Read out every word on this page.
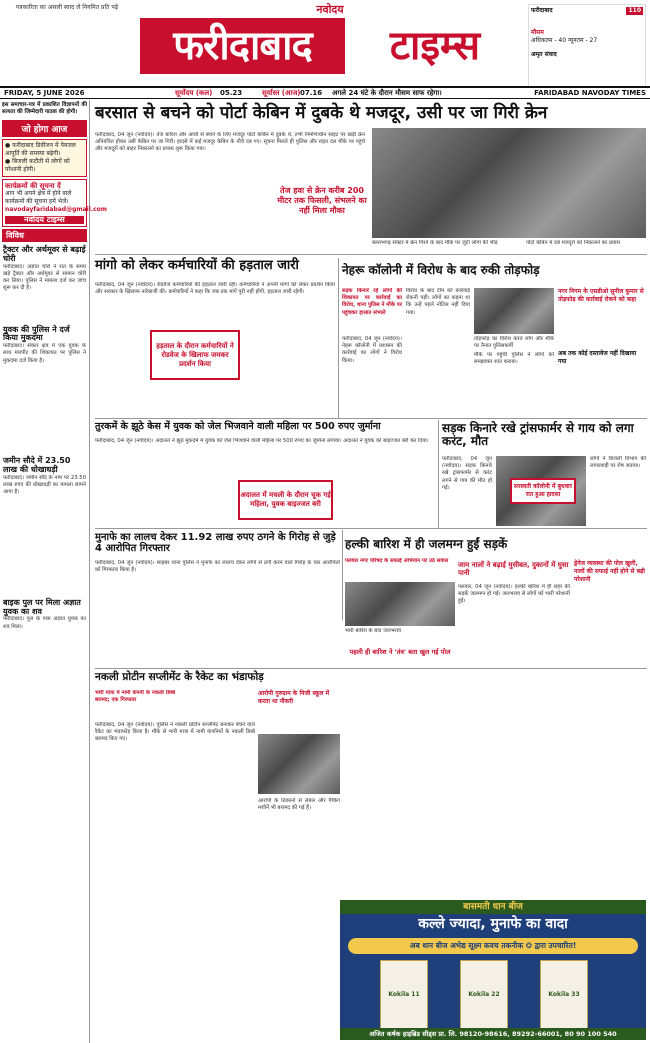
पत्रकारिता का असली स्वाद लें नियमित प्रति पढ़ें	नवोदय
फरीदाबाद	टाइम्स
फरीदाबाद	110
मौसम
अधिकतम - 40 न्यूनतम - 27
अमृत संवाद
FRIDAY, 5 JUNE 2026	सूर्योदय (कल) 05.23	सूर्यास्त (आज) 07.16 अगले 24 घंटे के दौरान मौसम साफ रहेगा।	FARIDABAD NAVODAY TIMES
इस समाचार-पत्र में प्रकाशित विज्ञापनों की सत्यता की जिम्मेदारी पाठक की होगी।
जो होगा आज
● फरीदाबाद डिवीजन में पेयजल आपूर्ति की समस्या बढ़ेगी।
● बिजली कटौती से लोगों को परेशानी होगी।
कार्यक्रमों की सूचना दें
आप भी अपने क्षेत्र में होने वाले कार्यक्रमों की सूचना हमें भेजें।
navodayfaridabad@gmail.com
नवोदय टाइम्स
विविध
ट्रैक्टर और अर्थमूवर से बढ़ाई चोरी
फरीदाबाद। अज्ञात चोरों ने रात के समय खड़े ट्रैक्टर और अर्थमूवर से सामान चोरी कर लिया। पुलिस ने मामला दर्ज कर जांच शुरू कर दी है।
युवक की पुलिस ने दर्ज किया मुकदमा
फरीदाबाद। सेक्टर क्षेत्र में एक युवक के साथ मारपीट की शिकायत पर पुलिस ने मुकदमा दर्ज किया है।
जमीन सौदे में 23.50 लाख की धोखाधड़ी
फरीदाबाद। जमीन सौदे के नाम पर 23.50 लाख रुपए की धोखाधड़ी का मामला सामने आया है।
बाइक पुल पर मिला अज्ञात युवक का शव
फरीदाबाद। पुल के पास अज्ञात युवक का शव मिला।
बरसात से बचने को पोर्टा केबिन में दुबके थे मजदूर, उसी पर जा गिरी क्रेन
फरीदाबाद, 04 जून (नवोदय)। तेज बारिश और आंधी से बचने के लिए मजदूर पोर्टा केबिन में दुबके थे, तभी निर्माणाधीन साइट पर खड़ी क्रेन अनियंत्रित होकर उसी केबिन पर जा गिरी। हादसे में कई मजदूर केबिन के नीचे दब गए। सूचना मिलते ही पुलिस और राहत दल मौके पर पहुंचे और मजदूरों को बाहर निकालने का प्रयास शुरू किया गया।
तेज हवा से क्रेन करीब 200 मीटर तक फिसली, संभलने का नहीं मिला मौका
बल्लभगढ़ सेक्टर में क्रेन गिरने के बाद मौके पर जुटी लोगों की भीड़	पोर्टा केबिन में दबे मजदूरों को निकालने का प्रयास
मांगो को लेकर कर्मचारियों की हड़ताल जारी
फरीदाबाद, 04 जून (नवोदय)। रोडवेज कर्मचारियों की हड़ताल जारी रही। कर्मचारियों ने अपनी मांगों को लेकर प्रदर्शन किया और सरकार के खिलाफ नारेबाजी की। कर्मचारियों ने कहा कि जब तक मांगें पूरी नहीं होंगी, हड़ताल जारी रहेगी।
हड़ताल के दौरान कर्मचारियों ने रोडवेज के खिलाफ जमकर प्रदर्शन किया
नेहरू कॉलोनी में विरोध के बाद रुकी तोड़फोड़
सड़क किनारे रहे लोगों की शिकायत पर कार्रवाई का विरोध, थाना पुलिस ने मौके पर पहुंचकर हालात संभाले
फरीदाबाद, 04 जून (नवोदय)। नेहरू कॉलोनी में प्रशासन की कार्रवाई का लोगों ने विरोध किया।
विरोध के बाद टीम को कार्रवाई रोकनी पड़ी। लोगों का कहना था कि उन्हें पहले नोटिस नहीं दिया गया।
तोड़फोड़ का विरोध करते लोग और मौके पर तैनात पुलिसकर्मी
मौके पर पहुंची पुलिस ने लोगों को समझाकर शांत कराया।
नगर निगम के एसडीओ सुनील कुमार से तोड़फोड़ की कार्रवाई रोकने को कहा
अब तक कोई दस्तावेज नहीं दिखाया गया
तुरकमें के झूठे केस में युवक को जेल भिजवाने वाली महिला पर 500 रुपए जुर्माना
फरीदाबाद, 04 जून (नवोदय)। अदालत ने झूठे मुकदमे में युवक को जेल भिजवाने वाली महिला पर 500 रुपए का जुर्माना लगाया। अदालत ने युवक को बाइज्जत बरी कर दिया।
अदालत में मचली के दौरान चूक गई महिला, युवक बाइज्जत बरी
सड़क किनारे रखे ट्रांसफार्मर से गाय को लगा करंट, मौत
फरीदाबाद, 04 जून (नवोदय)। सड़क किनारे रखे ट्रांसफार्मर से करंट लगने से गाय की मौत हो गई।	सरस्वती कॉलोनी में बुधवार रात हुआ हादसा
लोगों ने बिजली विभाग की लापरवाही पर रोष जताया।
मुनाफे का लालच देकर 11.92 लाख रुपए ठगने के गिरोह से जुड़े 4 आरोपित गिरफ्तार
फरीदाबाद, 04 जून (नवोदय)। साइबर थाना पुलिस ने मुनाफे का लालच देकर लोगों से ठगी करने वाले गिरोह के चार आरोपितों को गिरफ्तार किया है।
हल्की बारिश में ही जलमग्न हुईं सड़कें
पलवल नगर परिषद के सफाई अभियान पर उठे सवाल
भारी बारिश के बाद जलभराव
जाम नालों ने बढ़ाई मुसीबत, दुकानों में घुसा पानी
पलवल, 04 जून (नवोदय)। हल्की बारिश में ही शहर की सड़कें जलमग्न हो गईं। जलभराव से लोगों को भारी परेशानी हुई।
ड्रेनेज व्यवस्था की पोल खुली, नालों की सफाई नहीं होने से बढ़ी परेशानी
पहली ही बारिश ने 'तंत्र' बता खुल गई पोल
नकली प्रोटीन सप्लीमेंट के रैकेट का भंडाफोड़
भारी मात्रा में नामी कंपनी के नकली डिब्बे बरामद; एक गिरफ्तार
फरीदाबाद, 04 जून (नवोदय)। पुलिस ने नकली प्रोटीन सप्लीमेंट बनाकर बेचने वाले रैकेट का भंडाफोड़ किया है। मौके से भारी मात्रा में नामी कंपनियों के नकली डिब्बे बरामद किए गए।
आरोपी गुरुग्राम के निजी स्कूल में करता था नौकरी
आरोपी के ठिकानों से लेबल और पैकिंग मशीनें भी बरामद की गई हैं।
बासमती धान बीज
कल्ले ज्यादा, मुनाफे का वादा
अब धान बीज अभेद्य सूक्ष्म कवच तकनीक ❂ द्वारा उपचारित!
Kokila 11	Kokila 22	Kokila 33
अजित कर्षक हाइब्रिड सीड्स प्रा. लि. 98120-98616, 89292-66001, 80 90 100 540
